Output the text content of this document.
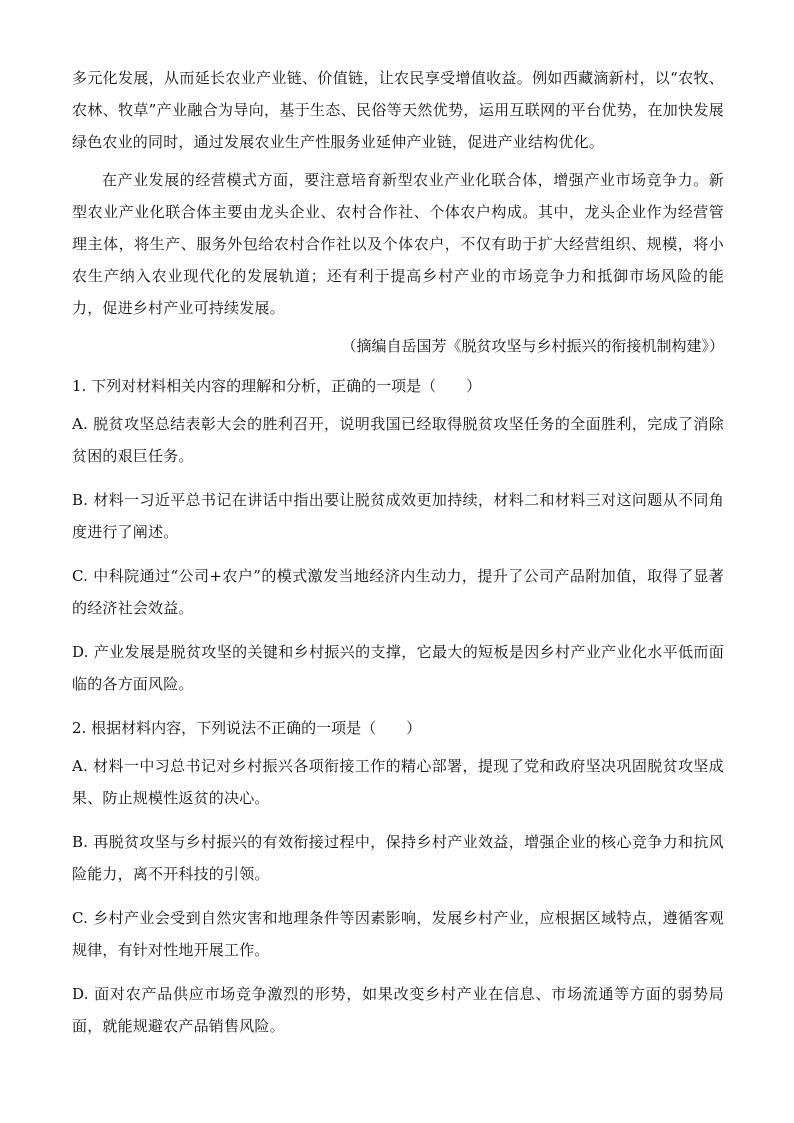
多元化发展，从而延长农业产业链、价值链，让农民享受增值收益。例如西藏滴新村，以“农牧、农林、牧草”产业融合为导向，基于生态、民俗等天然优势，运用互联网的平台优势，在加快发展绿色农业的同时，通过发展农业生产性服务业延伸产业链，促进产业结构优化。

在产业发展的经营模式方面，要注意培育新型农业产业化联合体，增强产业市场竞争力。新型农业产业化联合体主要由龙头企业、农村合作社、个体农户构成。其中，龙头企业作为经营管理主体，将生产、服务外包给农村合作社以及个体农户，不仅有助于扩大经营组织、规模，将小农生产纳入农业现代化的发展轨道；还有利于提高乡村产业的市场竞争力和抵御市场风险的能力，促进乡村产业可持续发展。

（摘编自岳国芳《脱贫攻坚与乡村振兴的衔接机制构建》）

1. 下列对材料相关内容的理解和分析，正确的一项是（　　）

A. 脱贫攻坚总结表彰大会的胜利召开，说明我国已经取得脱贫攻坚任务的全面胜利，完成了消除贫困的艰巨任务。

B. 材料一习近平总书记在讲话中指出要让脱贫成效更加持续，材料二和材料三对这问题从不同角度进行了阐述。

C. 中科院通过“公司+农户”的模式激发当地经济内生动力，提升了公司产品附加值，取得了显著的经济社会效益。

D. 产业发展是脱贫攻坚的关键和乡村振兴的支撑，它最大的短板是因乡村产业产业化水平低而面临的各方面风险。

2. 根据材料内容，下列说法不正确的一项是（　　）

A. 材料一中习总书记对乡村振兴各项衔接工作的精心部署，提现了党和政府坚决巩固脱贫攻坚成果、防止规模性返贫的决心。

B. 再脱贫攻坚与乡村振兴的有效衔接过程中，保持乡村产业效益，增强企业的核心竞争力和抗风险能力，离不开科技的引领。

C. 乡村产业会受到自然灾害和地理条件等因素影响，发展乡村产业，应根据区域特点，遵循客观规律，有针对性地开展工作。

D. 面对农产品供应市场竞争激烈的形势，如果改变乡村产业在信息、市场流通等方面的弱势局面，就能规避农产品销售风险。
